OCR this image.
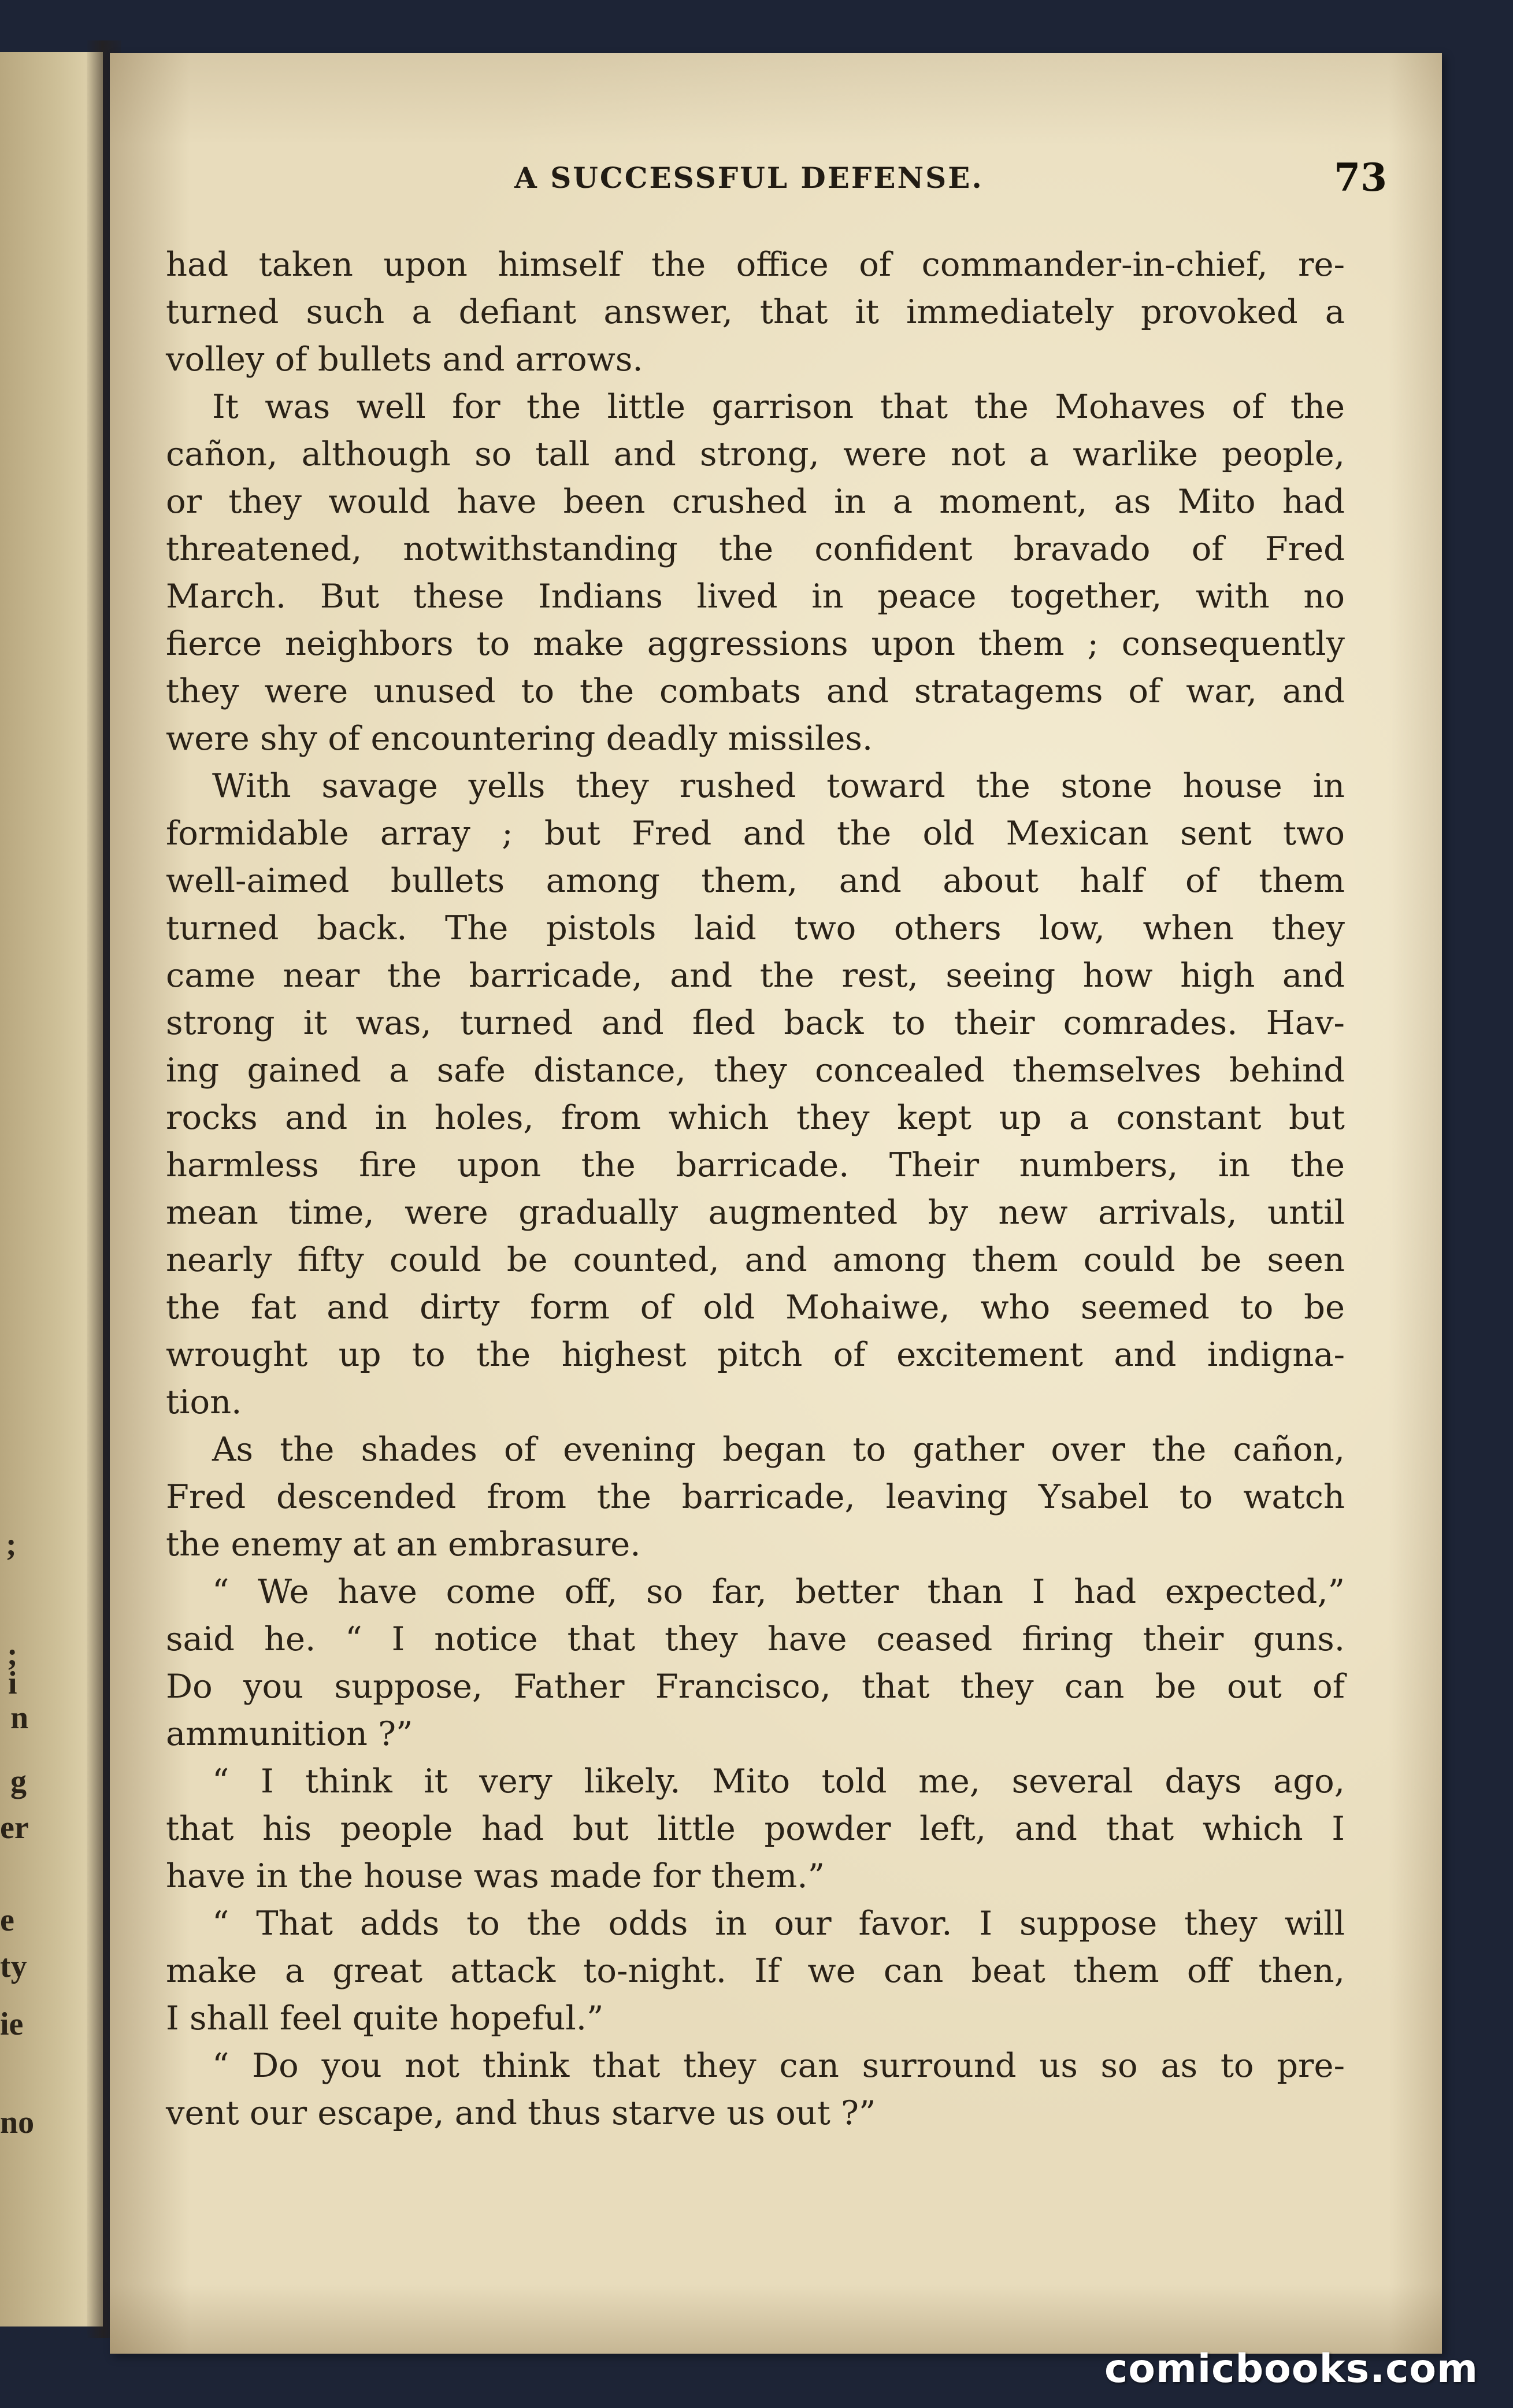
;
;
i
n
g
er
e
ty
ie
no
A SUCCESSFUL DEFENSE.	73
had taken upon himself the office of commander-in-chief, re-
turned such a defiant answer, that it immediately provoked a
volley of bullets and arrows.
It was well for the little garrison that the Mohaves of the
cañon, although so tall and strong, were not a warlike people,
or they would have been crushed in a moment, as Mito had
threatened, notwithstanding the confident bravado of Fred
March. But these Indians lived in peace together, with no
fierce neighbors to make aggressions upon them ; consequently
they were unused to the combats and stratagems of war, and
were shy of encountering deadly missiles.
With savage yells they rushed toward the stone house in
formidable array ; but Fred and the old Mexican sent two
well-aimed bullets among them, and about half of them
turned back. The pistols laid two others low, when they
came near the barricade, and the rest, seeing how high and
strong it was, turned and fled back to their comrades. Hav-
ing gained a safe distance, they concealed themselves behind
rocks and in holes, from which they kept up a constant but
harmless fire upon the barricade. Their numbers, in the
mean time, were gradually augmented by new arrivals, until
nearly fifty could be counted, and among them could be seen
the fat and dirty form of old Mohaiwe, who seemed to be
wrought up to the highest pitch of excitement and indigna-
tion.
As the shades of evening began to gather over the cañon,
Fred descended from the barricade, leaving Ysabel to watch
the enemy at an embrasure.
“ We have come off, so far, better than I had expected,”
said he. “ I notice that they have ceased firing their guns.
Do you suppose, Father Francisco, that they can be out of
ammunition ?”
“ I think it very likely. Mito told me, several days ago,
that his people had but little powder left, and that which I
have in the house was made for them.”
“ That adds to the odds in our favor. I suppose they will
make a great attack to-night. If we can beat them off then,
I shall feel quite hopeful.”
“ Do you not think that they can surround us so as to pre-
vent our escape, and thus starve us out ?”
comicbooks.com
